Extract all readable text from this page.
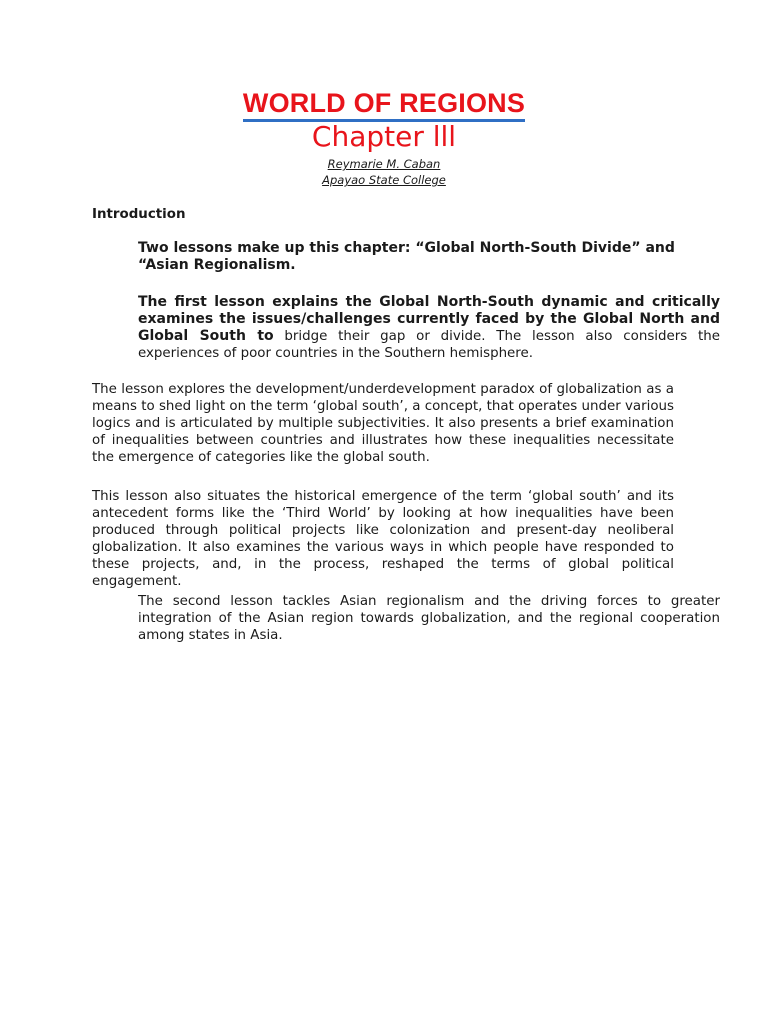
WORLD OF REGIONS
Chapter lll
Reymarie M. Caban
Apayao State College
Introduction

Two lessons make up this chapter: “Global North-South Divide” and “Asian Regionalism.

The first lesson explains the Global North-South dynamic and critically examines the issues/challenges currently faced by the Global North and Global South to bridge their gap or divide. The lesson also considers the experiences of poor countries in the Southern hemisphere.

The lesson explores the development/underdevelopment paradox of globalization as a means to shed light on the term ‘global south’, a concept, that operates under various logics and is articulated by multiple subjectivities. It also presents a brief examination of inequalities between countries and illustrates how these inequalities necessitate the emergence of categories like the global south.

This lesson also situates the historical emergence of the term ‘global south’ and its antecedent forms like the ‘Third World’ by looking at how inequalities have been produced through political projects like colonization and present-day neoliberal globalization. It also examines the various ways in which people have responded to these projects, and, in the process, reshaped the terms of global political engagement.

The second lesson tackles Asian regionalism and the driving forces to greater integration of the Asian region towards globalization, and the regional cooperation among states in Asia.
